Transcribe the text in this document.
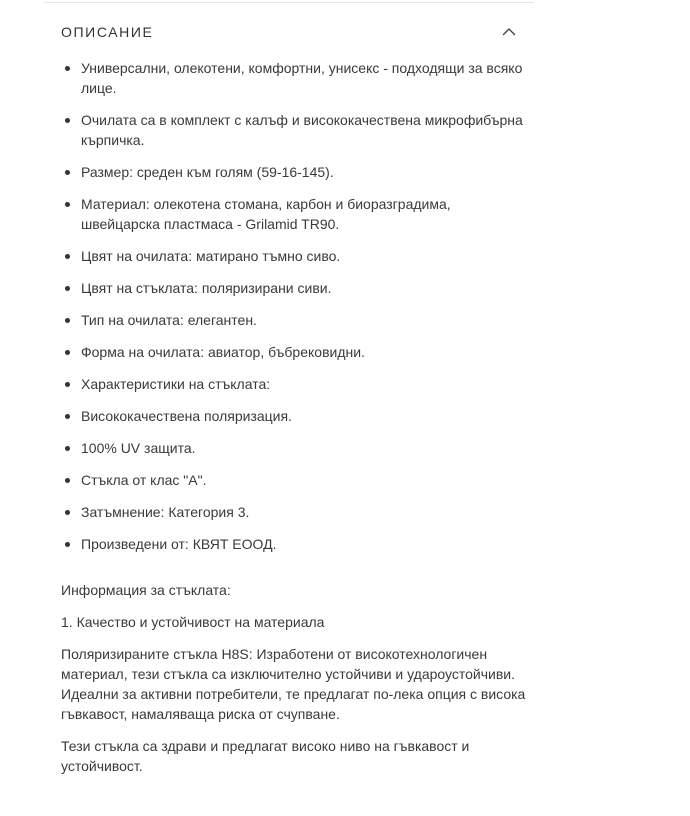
ОПИСАНИЕ
Универсални, олекотени, комфортни, унисекс - подходящи за всяко лице.
Очилата са в комплект с калъф и висококачествена микрофибърна кърпичка.
Размер: среден към голям (59-16-145).
Материал: олекотена стомана, карбон и биоразградима, швейцарска пластмаса - Grilamid TR90.
Цвят на очилата: матирано тъмно сиво.
Цвят на стъклата: поляризирани сиви.
Тип на очилата: елегантен.
Форма на очилата: авиатор, бъбрековидни.
Характеристики на стъклата:
Висококачествена поляризация.
100% UV защита.
Стъкла от клас "А".
Затъмнение: Категория 3.
Произведени от: КВЯТ ЕООД.

Информация за стъклата:

1. Качество и устойчивост на материала

Поляризираните стъкла H8S: Изработени от високотехнологичен материал, тези стъкла са изключително устойчиви и удароустойчиви. Идеални за активни потребители, те предлагат по-лека опция с висока гъвкавост, намаляваща риска от счупване.

Тези стъкла са здрави и предлагат високо ниво на гъвкавост и устойчивост.
